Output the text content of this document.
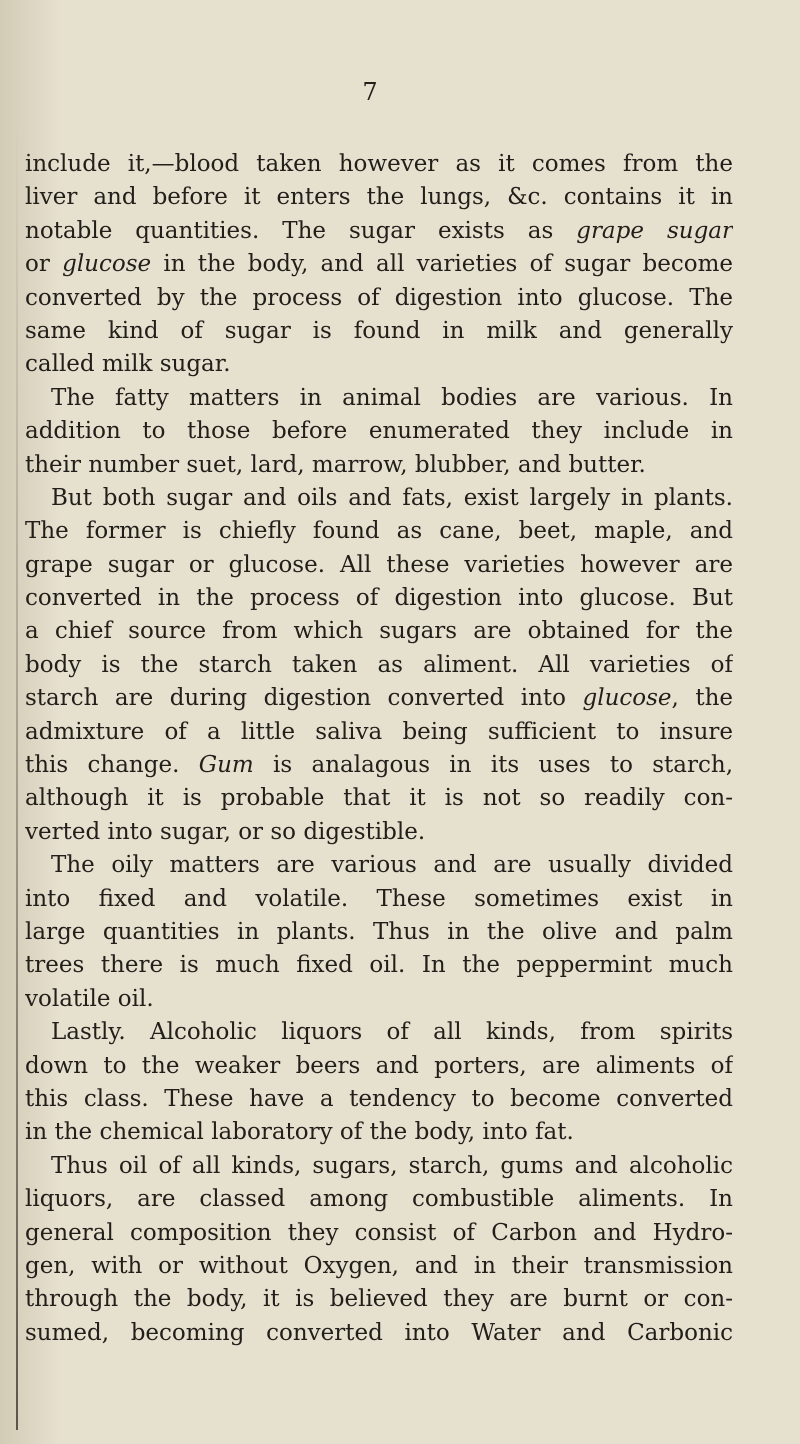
7
include it,—blood taken however as it comes from the
liver and before it enters the lungs, &c. contains it in
notable quantities. The sugar exists as grape sugar
or glucose in the body, and all varieties of sugar become
converted by the process of digestion into glucose. The
same kind of sugar is found in milk and generally
called milk sugar.
The fatty matters in animal bodies are various. In
addition to those before enumerated they include in
their number suet, lard, marrow, blubber, and butter.
But both sugar and oils and fats, exist largely in plants.
The former is chiefly found as cane, beet, maple, and
grape sugar or glucose. All these varieties however are
converted in the process of digestion into glucose. But
a chief source from which sugars are obtained for the
body is the starch taken as aliment. All varieties of
starch are during digestion converted into glucose, the
admixture of a little saliva being sufficient to insure
this change. Gum is analagous in its uses to starch,
although it is probable that it is not so readily con-
verted into sugar, or so digestible.
The oily matters are various and are usually divided
into fixed and volatile. These sometimes exist in
large quantities in plants. Thus in the olive and palm
trees there is much fixed oil. In the peppermint much
volatile oil.
Lastly. Alcoholic liquors of all kinds, from spirits
down to the weaker beers and porters, are aliments of
this class. These have a tendency to become converted
in the chemical laboratory of the body, into fat.
Thus oil of all kinds, sugars, starch, gums and alcoholic
liquors, are classed among combustible aliments. In
general composition they consist of Carbon and Hydro-
gen, with or without Oxygen, and in their transmission
through the body, it is believed they are burnt or con-
sumed, becoming converted into Water and Carbonic
